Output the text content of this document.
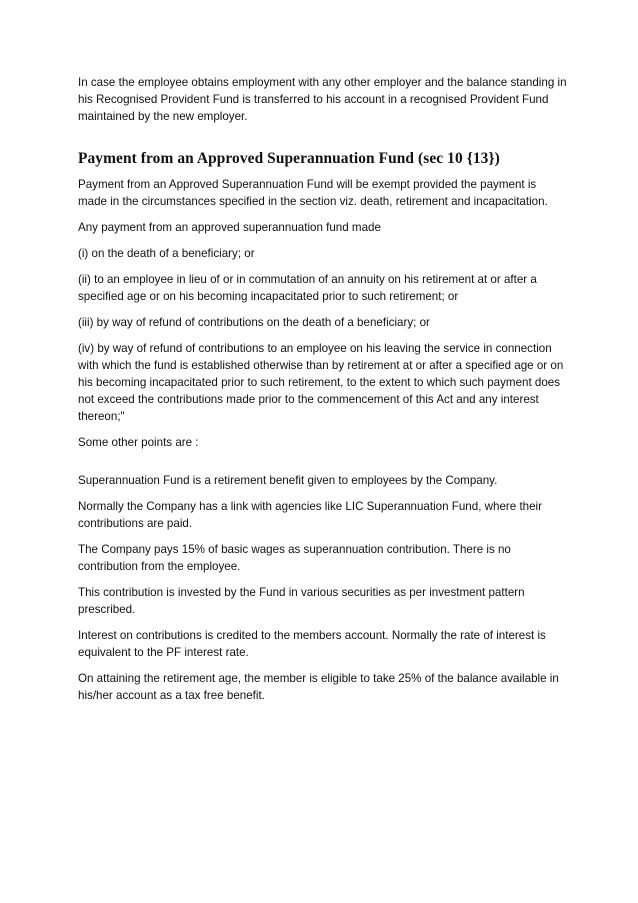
In case the employee obtains employment with any other employer and the balance standing in his Recognised Provident Fund is transferred to his account in a recognised Provident Fund maintained by the new employer.

Payment from an Approved Superannuation Fund (sec 10 {13})

Payment from an Approved Superannuation Fund will be exempt provided the payment is made in the circumstances specified in the section viz. death, retirement and incapacitation.

Any payment from an approved superannuation fund made

(i) on the death of a beneficiary; or

(ii) to an employee in lieu of or in commutation of an annuity on his retirement at or after a specified age or on his becoming incapacitated prior to such retirement; or

(iii) by way of refund of contributions on the death of a beneficiary; or

(iv) by way of refund of contributions to an employee on his leaving the service in connection with which the fund is established otherwise than by retirement at or after a specified age or on his becoming incapacitated prior to such retirement, to the extent to which such payment does not exceed the contributions made prior to the commencement of this Act and any interest thereon;"

Some other points are :

Superannuation Fund is a retirement benefit given to employees by the Company.

Normally the Company has a link with agencies like LIC Superannuation Fund, where their contributions are paid.

The Company pays 15% of basic wages as superannuation contribution. There is no contribution from the employee.

This contribution is invested by the Fund in various securities as per investment pattern prescribed.

Interest on contributions is credited to the members account. Normally the rate of interest is equivalent to the PF interest rate.

On attaining the retirement age, the member is eligible to take 25% of the balance available in his/her account as a tax free benefit.
